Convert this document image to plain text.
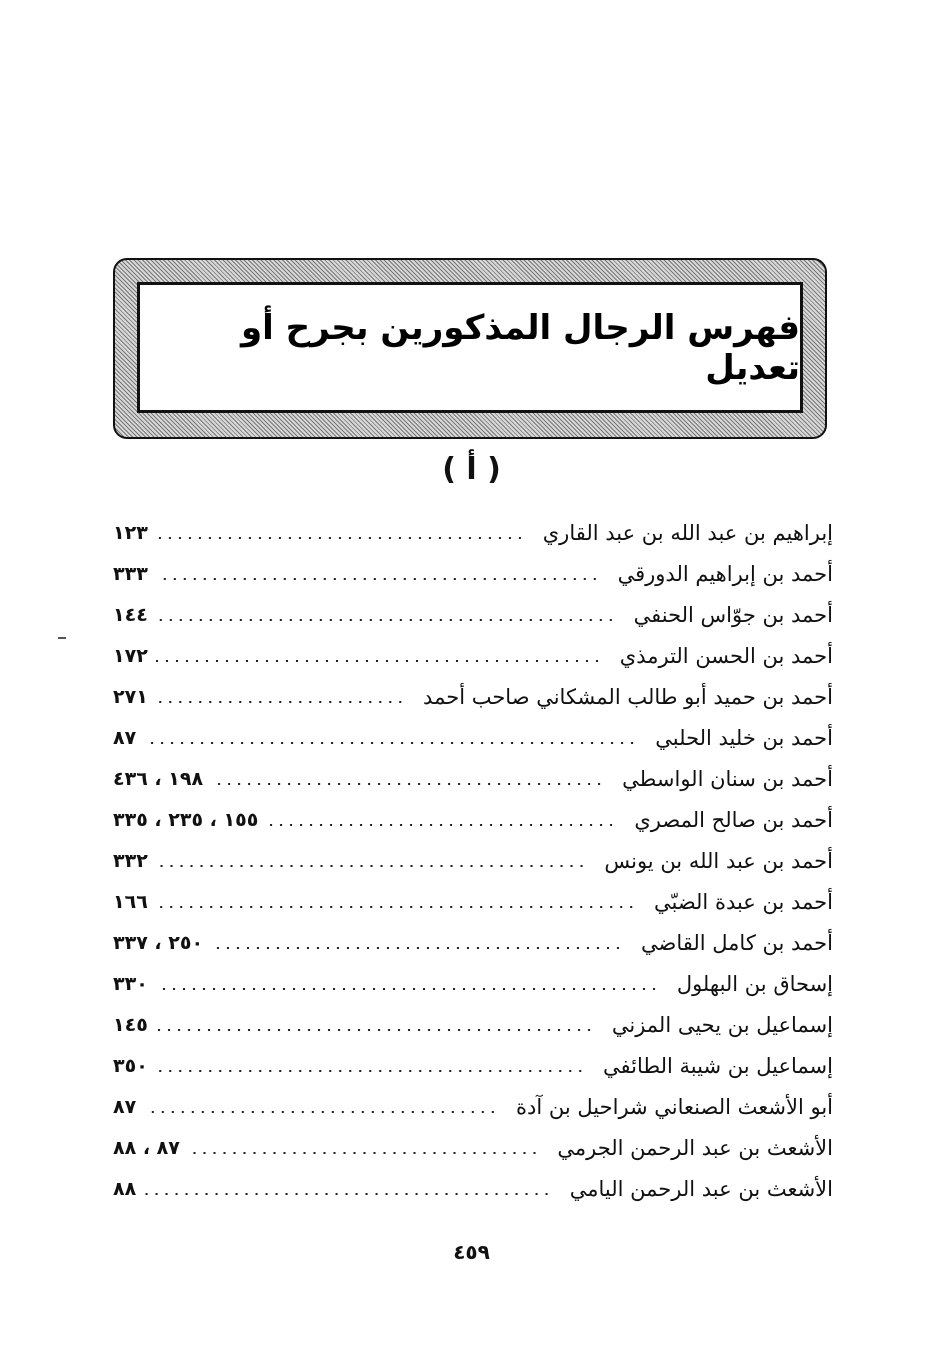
فهرس الرجال المذكورين بجرح أو تعديل
( أ )
إبراهيم بن عبد الله بن عبد القاري
١٢٣
أحمد بن إبراهيم الدورقي
٣٣٣
أحمد بن جوّاس الحنفي
١٤٤
أحمد بن الحسن الترمذي
١٧٢
أحمد بن حميد أبو طالب المشكاني صاحب أحمد
٢٧١
أحمد بن خليد الحلبي
٨٧
أحمد بن سنان الواسطي
١٩٨ ، ٤٣٦
أحمد بن صالح المصري
١٥٥ ، ٢٣٥ ، ٣٣٥
أحمد بن عبد الله بن يونس
٣٣٢
أحمد بن عبدة الضبّي
١٦٦
أحمد بن كامل القاضي
٢٥٠ ، ٣٣٧
إسحاق بن البهلول
٣٣٠
إسماعيل بن يحيى المزني
١٤٥
إسماعيل بن شيبة الطائفي
٣٥٠
أبو الأشعث الصنعاني شراحيل بن آدة
٨٧
الأشعث بن عبد الرحمن الجرمي
٨٧ ، ٨٨
الأشعث بن عبد الرحمن اليامي
٨٨
٤٥٩
